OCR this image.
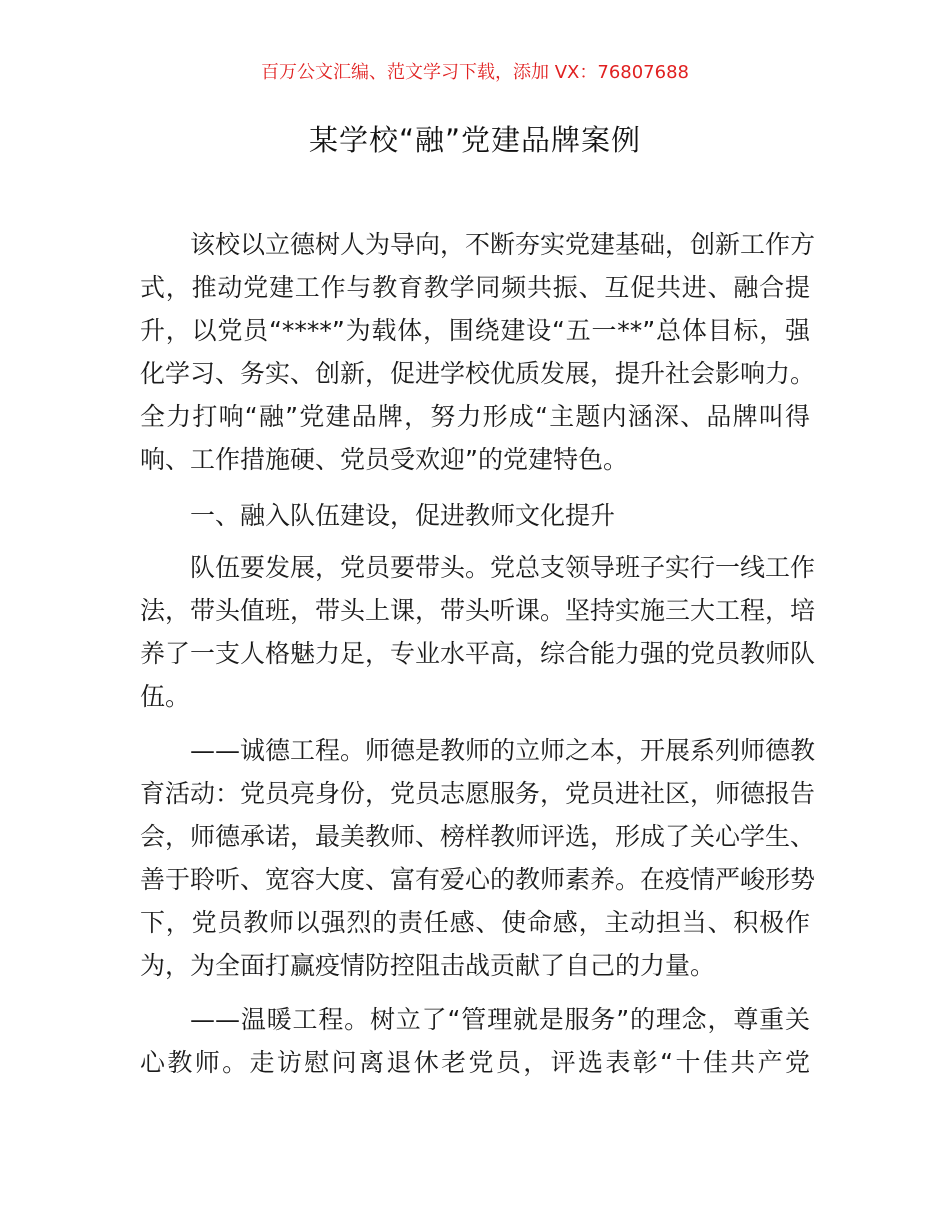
百万公文汇编、范文学习下载，添加 VX：76807688
某学校“融”党建品牌案例
该校以立德树人为导向，不断夯实党建基础，创新工作方
式，推动党建工作与教育教学同频共振、互促共进、融合提
升，以党员“****”为载体，围绕建设“五一**”总体目标，强
化学习、务实、创新，促进学校优质发展，提升社会影响力。
全力打响“融”党建品牌，努力形成“主题内涵深、品牌叫得
响、工作措施硬、党员受欢迎”的党建特色。
一、融入队伍建设，促进教师文化提升
队伍要发展，党员要带头。党总支领导班子实行一线工作
法，带头值班，带头上课，带头听课。坚持实施三大工程，培
养了一支人格魅力足，专业水平高，综合能力强的党员教师队
伍。
——诚德工程。师德是教师的立师之本，开展系列师德教
育活动：党员亮身份，党员志愿服务，党员进社区，师德报告
会，师德承诺，最美教师、榜样教师评选，形成了关心学生、
善于聆听、宽容大度、富有爱心的教师素养。在疫情严峻形势
下，党员教师以强烈的责任感、使命感，主动担当、积极作
为，为全面打赢疫情防控阻击战贡献了自己的力量。
——温暖工程。树立了“管理就是服务”的理念，尊重关
心教师。走访慰问离退休老党员，评选表彰“十佳共产党
